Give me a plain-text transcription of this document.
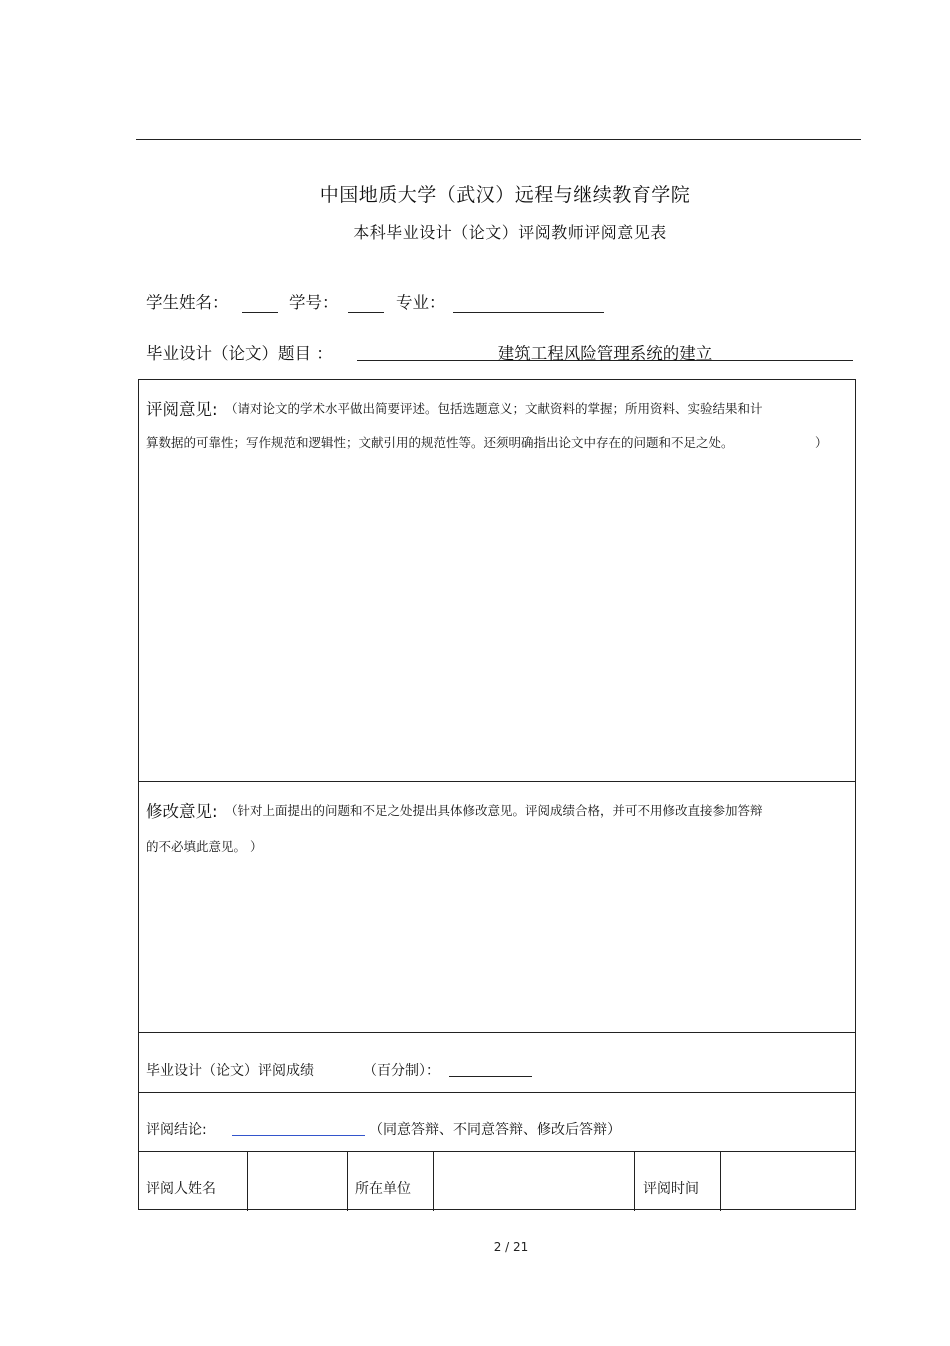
中国地质大学（武汉）远程与继续教育学院
本科毕业设计（论文）评阅教师评阅意见表
学生姓名：	学号：	专业：
毕业设计（论文）题目 ：	建筑工程风险管理系统的建立
评阅意见: （请对论文的学术水平做出简要评述。包括选题意义；文献资料的掌握；所用资料、实验结果和计
算数据的可靠性；写作规范和逻辑性；文献引用的规范性等。还须明确指出论文中存在的问题和不足之处。	）
修改意见: （针对上面提出的问题和不足之处提出具体修改意见。评阅成绩合格，并可不用修改直接参加答辩
的不必填此意见。 ）
毕业设计（论文）评阅成绩	（百分制）：
评阅结论:	（同意答辩、不同意答辩、修改后答辩）
评阅人姓名	所在单位	评阅时间
2 / 21
